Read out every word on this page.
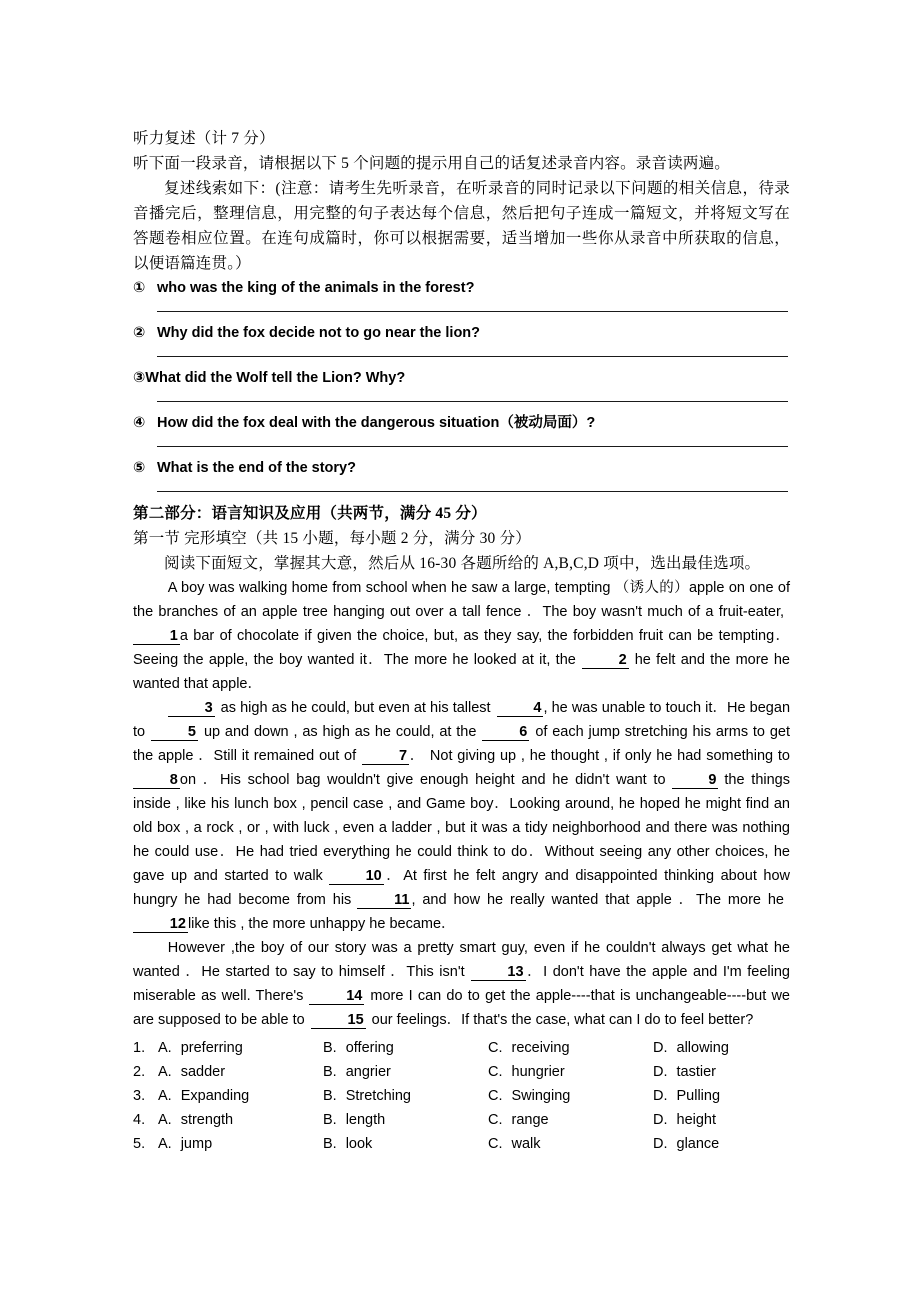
听力复述（计 7 分）

听下面一段录音，请根据以下 5 个问题的提示用自己的话复述录音内容。录音读两遍。

复述线索如下：(注意：请考生先听录音，在听录音的同时记录以下问题的相关信息，待录音播完后，整理信息，用完整的句子表达每个信息，然后把句子连成一篇短文，并将短文写在答题卷相应位置。在连句成篇时，你可以根据需要，适当增加一些你从录音中所获取的信息，以便语篇连贯。）

① who was the king of the animals in the forest?

② Why did the fox decide not to go near the lion?

③What did the Wolf tell the Lion? Why?

④ How did the fox deal with the dangerous situation（被动局面）?

⑤ What is the end of the story?

第二部分：语言知识及应用（共两节，满分 45 分）

第一节 完形填空（共 15 小题，每小题 2 分，满分 30 分）

阅读下面短文，掌握其大意，然后从 16-30 各题所给的 A,B,C,D 项中，选出最佳选项。

A boy was walking home from school when he saw a large, tempting （诱人的）apple on one of the branches of an apple tree hanging out over a tall fence ．The boy wasn't much of a fruit-eater,1 a bar of chocolate if given the choice, but, as they say, the forbidden fruit can be tempting．Seeing the apple, the boy wanted it．The more he looked at it, the	2 he felt and the more he wanted that apple．

3 as high as he could, but even at his tallest	4 , he was unable to touch it．He began to	5 up and down , as high as he could, at the	6 of each jump stretching his arms to get the apple ．Still it remained out of	7 ． Not giving up , he thought , if only he had something to8 on ．His school bag wouldn't give enough height and he didn't want to	9 the things inside , like his lunch box , pencil case , and Game boy．Looking around, he hoped he might find an old box , a rock , or , with luck , even a ladder , but it was a tidy neighborhood and there was nothing he could use．He had tried everything he could think to do．Without seeing any other choices, he gave up and started to walk	10 ．At first he felt angry and disappointed thinking about how hungry he had become from his	11 , and how he really wanted that apple ．The more he12 like this , the more unhappy he became．

However ,the boy of our story was a pretty smart guy, even if he couldn't always get what he wanted ．He started to say to himself ．This isn't	13 ．I don't have the apple and I'm feeling miserable as well. There's	14 more I can do to get the apple----that is unchangeable----but we are supposed to be able to	15 our feelings．If that's the case, what can I do to feel better?

1. A. preferring	B. offering	C. receiving	D. allowing
2. A. sadder	B. angrier	C. hungrier	D. tastier
3. A. Expanding	B. Stretching	C. Swinging	D. Pulling
4. A. strength	B. length	C. range	D. height
5. A. jump	B. look	C. walk	D. glance
